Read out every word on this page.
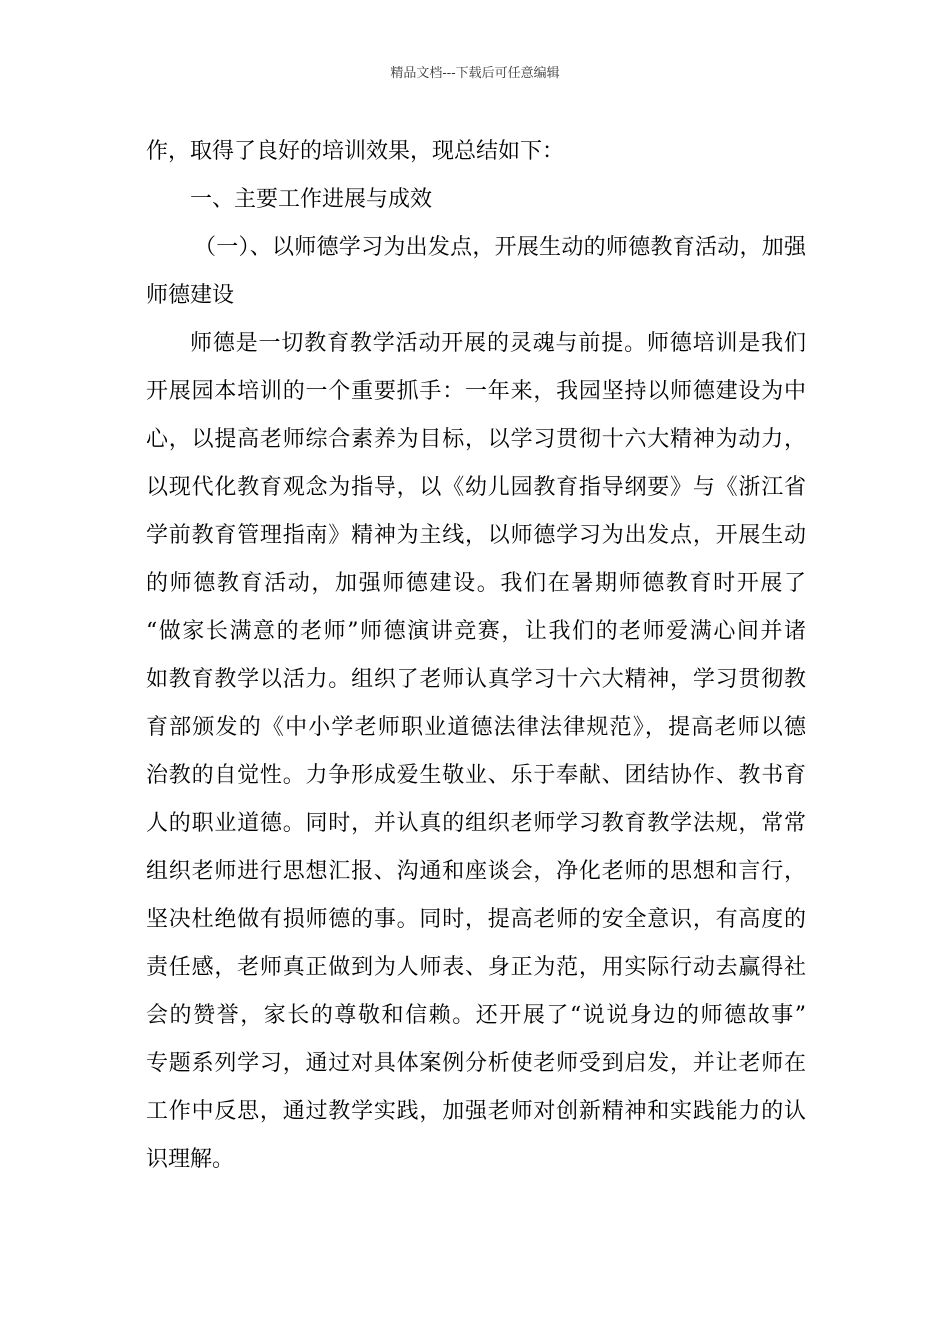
精品文档---下载后可任意编辑
作，取得了良好的培训效果，现总结如下：
一、主要工作进展与成效
（一）、以师德学习为出发点，开展生动的师德教育活动，加强
师德建设
师德是一切教育教学活动开展的灵魂与前提。师德培训是我们
开展园本培训的一个重要抓手：一年来，我园坚持以师德建设为中
心，以提高老师综合素养为目标，以学习贯彻十六大精神为动力，
以现代化教育观念为指导，以《幼儿园教育指导纲要》与《浙江省
学前教育管理指南》精神为主线，以师德学习为出发点，开展生动
的师德教育活动，加强师德建设。我们在暑期师德教育时开展了
“做家长满意的老师”师德演讲竞赛，让我们的老师爱满心间并诸
如教育教学以活力。组织了老师认真学习十六大精神，学习贯彻教
育部颁发的《中小学老师职业道德法律法律规范》，提高老师以德
治教的自觉性。力争形成爱生敬业、乐于奉献、团结协作、教书育
人的职业道德。同时，并认真的组织老师学习教育教学法规，常常
组织老师进行思想汇报、沟通和座谈会，净化老师的思想和言行，
坚决杜绝做有损师德的事。同时，提高老师的安全意识，有高度的
责任感，老师真正做到为人师表、身正为范，用实际行动去赢得社
会的赞誉，家长的尊敬和信赖。还开展了“说说身边的师德故事”
专题系列学习，通过对具体案例分析使老师受到启发，并让老师在
工作中反思，通过教学实践，加强老师对创新精神和实践能力的认
识理解。
